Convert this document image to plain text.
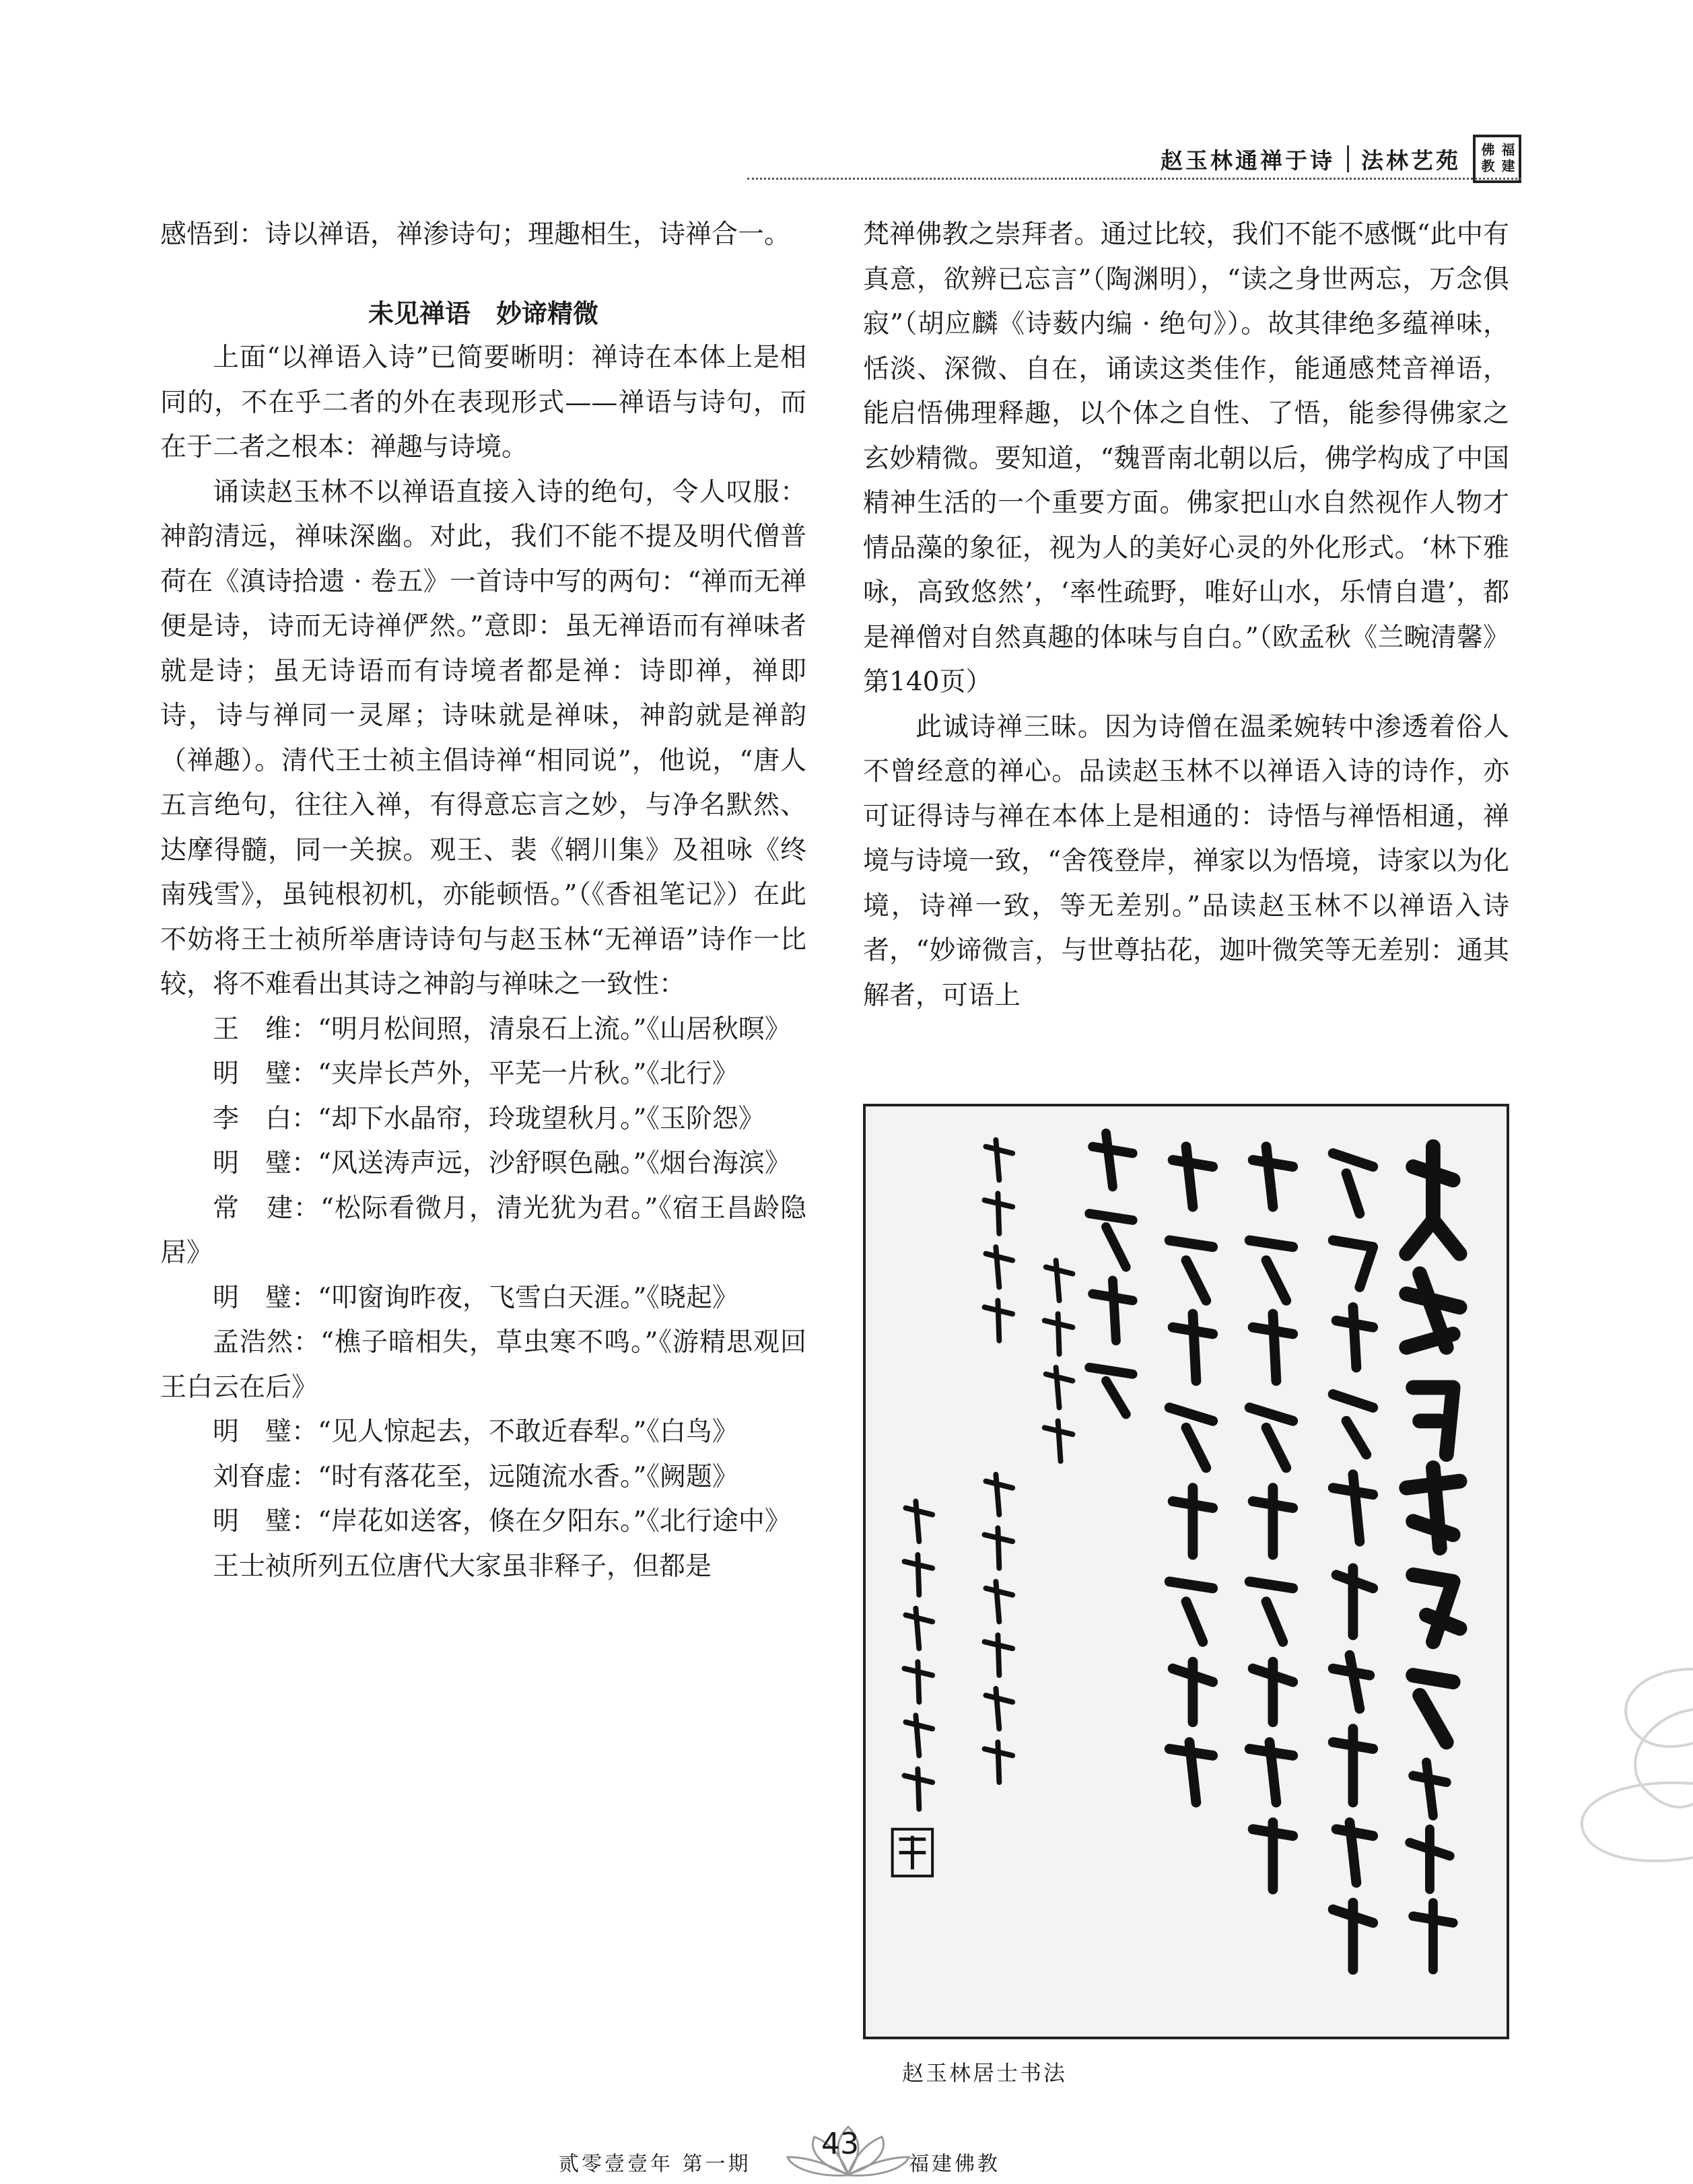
赵玉林通禅于诗 法林艺苑	福建佛教

感悟到：诗以禅语，禅渗诗句；理趣相生，诗禅合一。

未见禅语　妙谛精微

上面“以禅语入诗”已简要晰明：禅诗在本体上是相同的，不在乎二者的外在表现形式——禅语与诗句，而在于二者之根本：禅趣与诗境。

诵读赵玉林不以禅语直接入诗的绝句，令人叹服：神韵清远，禅味深幽。对此，我们不能不提及明代僧普荷在《滇诗拾遗 · 卷五》一首诗中写的两句：“禅而无禅便是诗，诗而无诗禅俨然。”意即：虽无禅语而有禅味者就是诗；虽无诗语而有诗境者都是禅：诗即禅，禅即诗，诗与禅同一灵犀；诗味就是禅味，神韵就是禅韵（禅趣）。清代王士祯主倡诗禅“相同说”，他说，“唐人五言绝句，往往入禅，有得意忘言之妙，与净名默然、达摩得髓，同一关捩。观王、裴《辋川集》及祖咏《终南残雪》，虽钝根初机，亦能顿悟。”（《香祖笔记》）在此不妨将王士祯所举唐诗诗句与赵玉林“无禅语”诗作一比较，将不难看出其诗之神韵与禅味之一致性：

王　维：“明月松间照，清泉石上流。”《山居秋暝》

明　璧：“夹岸长芦外，平芜一片秋。”《北行》

李　白：“却下水晶帘，玲珑望秋月。”《玉阶怨》

明　璧：“风送涛声远，沙舒暝色融。”《烟台海滨》

常　建：“松际看微月，清光犹为君。”《宿王昌龄隐居》

明　璧：“叩窗询昨夜，飞雪白天涯。”《晓起》

孟浩然：“樵子暗相失，草虫寒不鸣。”《游精思观回王白云在后》

明　璧：“见人惊起去，不敢近春犁。”《白鸟》

刘眘虚：“时有落花至，远随流水香。”《阙题》

明　璧：“岸花如送客，倏在夕阳东。”《北行途中》

王士祯所列五位唐代大家虽非释子，但都是

梵禅佛教之崇拜者。通过比较，我们不能不感慨“此中有真意，欲辨已忘言”（陶渊明），“读之身世两忘，万念俱寂”（胡应麟《诗薮内编 · 绝句》）。故其律绝多蕴禅味，恬淡、深微、自在，诵读这类佳作，能通感梵音禅语，能启悟佛理释趣，以个体之自性、了悟，能参得佛家之玄妙精微。要知道，“魏晋南北朝以后，佛学构成了中国精神生活的一个重要方面。佛家把山水自然视作人物才情品藻的象征，视为人的美好心灵的外化形式。‘林下雅咏，高致悠然’，‘率性疏野，唯好山水，乐情自遣’，都是禅僧对自然真趣的体味与自白。”（欧孟秋《兰畹清馨》第140页）

此诚诗禅三昧。因为诗僧在温柔婉转中渗透着俗人不曾经意的禅心。品读赵玉林不以禅语入诗的诗作，亦可证得诗与禅在本体上是相通的：诗悟与禅悟相通，禅境与诗境一致，“舍筏登岸，禅家以为悟境，诗家以为化境，诗禅一致，等无差别。”品读赵玉林不以禅语入诗者，“妙谛微言，与世尊拈花，迦叶微笑等无差别：通其解者，可语上

赵玉林居士书法
贰零壹壹年 第一期
43
福建佛教
